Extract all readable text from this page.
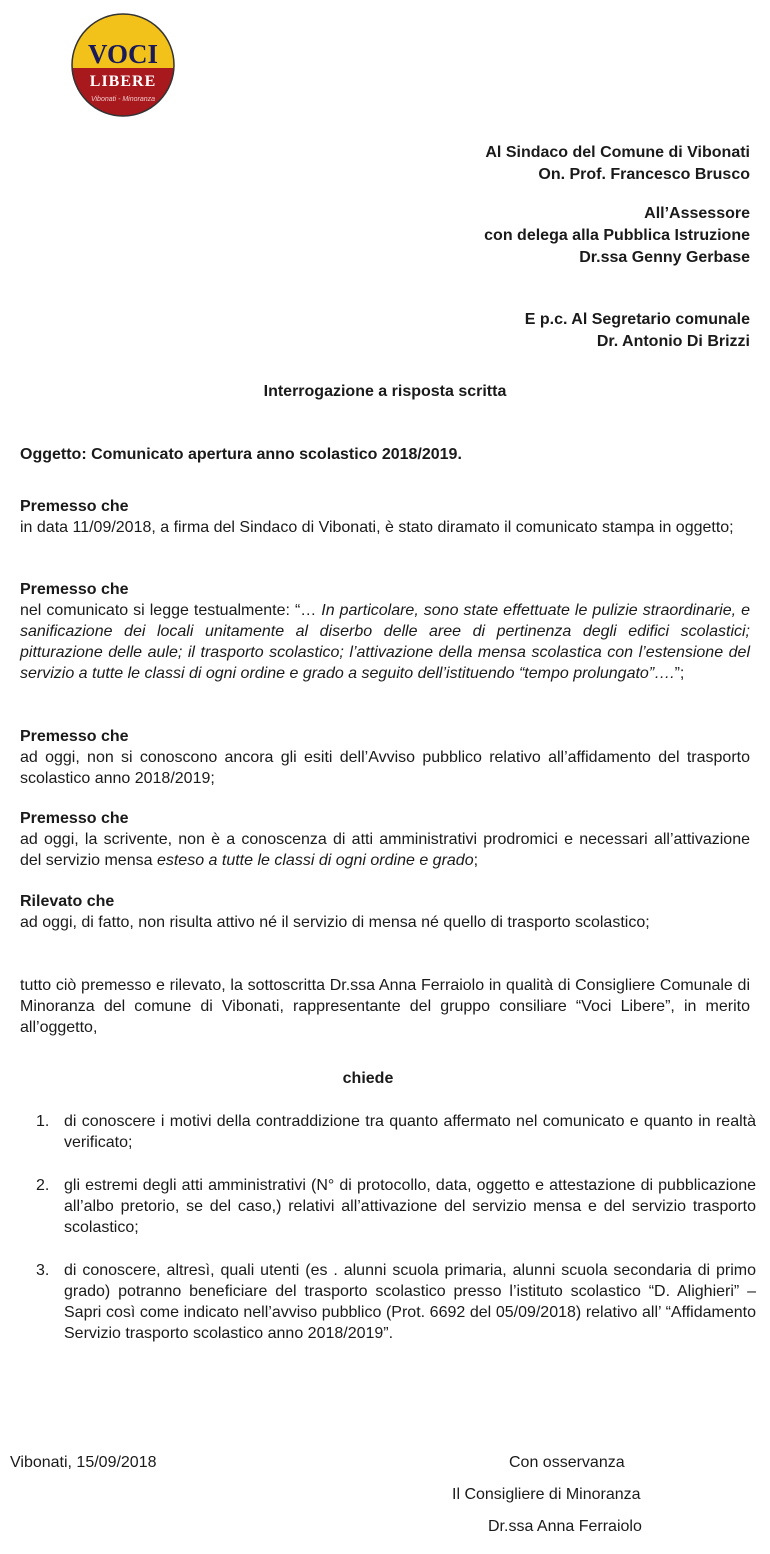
VOCI
LIBERE
Vibonati - Minoranza
Al Sindaco del Comune di Vibonati
On. Prof. Francesco Brusco
All’Assessore
con delega alla Pubblica Istruzione
Dr.ssa Genny Gerbase
E p.c. Al Segretario comunale
Dr. Antonio Di Brizzi
Interrogazione a risposta scritta
Oggetto: Comunicato apertura anno scolastico 2018/2019.
Premesso che
in data 11/09/2018, a firma del Sindaco di Vibonati, è stato diramato il comunicato stampa in oggetto;
Premesso che
nel comunicato si legge testualmente: “… In particolare, sono state effettuate le pulizie straordinarie, e sanificazione dei locali unitamente al diserbo delle aree di pertinenza degli edifici scolastici; pitturazione delle aule; il trasporto scolastico; l’attivazione della mensa scolastica con l’estensione del servizio a tutte le classi di ogni ordine e grado a seguito dell’istituendo “tempo prolungato”….”;
Premesso che
ad oggi, non si conoscono ancora gli esiti dell’Avviso pubblico relativo all’affidamento del trasporto scolastico anno 2018/2019;
Premesso che
ad oggi, la scrivente, non è a conoscenza di atti amministrativi prodromici e necessari all’attivazione del servizio mensa esteso a tutte le classi di ogni ordine e grado;
Rilevato che
ad oggi, di fatto, non risulta attivo né il servizio di mensa né quello di trasporto scolastico;
tutto ciò premesso e rilevato, la sottoscritta Dr.ssa Anna Ferraiolo in qualità di Consigliere Comunale di Minoranza del comune di Vibonati, rappresentante del gruppo consiliare “Voci Libere”, in merito all’oggetto,
chiede
1. di conoscere i motivi della contraddizione tra quanto affermato nel comunicato e quanto in realtà verificato;
2. gli estremi degli atti amministrativi (N° di protocollo, data, oggetto e attestazione di pubblicazione all’albo pretorio, se del caso,) relativi all’attivazione del servizio mensa e del servizio trasporto scolastico;
3. di conoscere, altresì, quali utenti (es . alunni scuola primaria, alunni scuola secondaria di primo grado) potranno beneficiare del trasporto scolastico presso l’istituto scolastico “D. Alighieri” – Sapri così come indicato nell’avviso pubblico (Prot. 6692 del 05/09/2018) relativo all’ “Affidamento Servizio trasporto scolastico anno 2018/2019”.
Vibonati, 15/09/2018	Con osservanza
Il Consigliere di Minoranza
Dr.ssa Anna Ferraiolo
